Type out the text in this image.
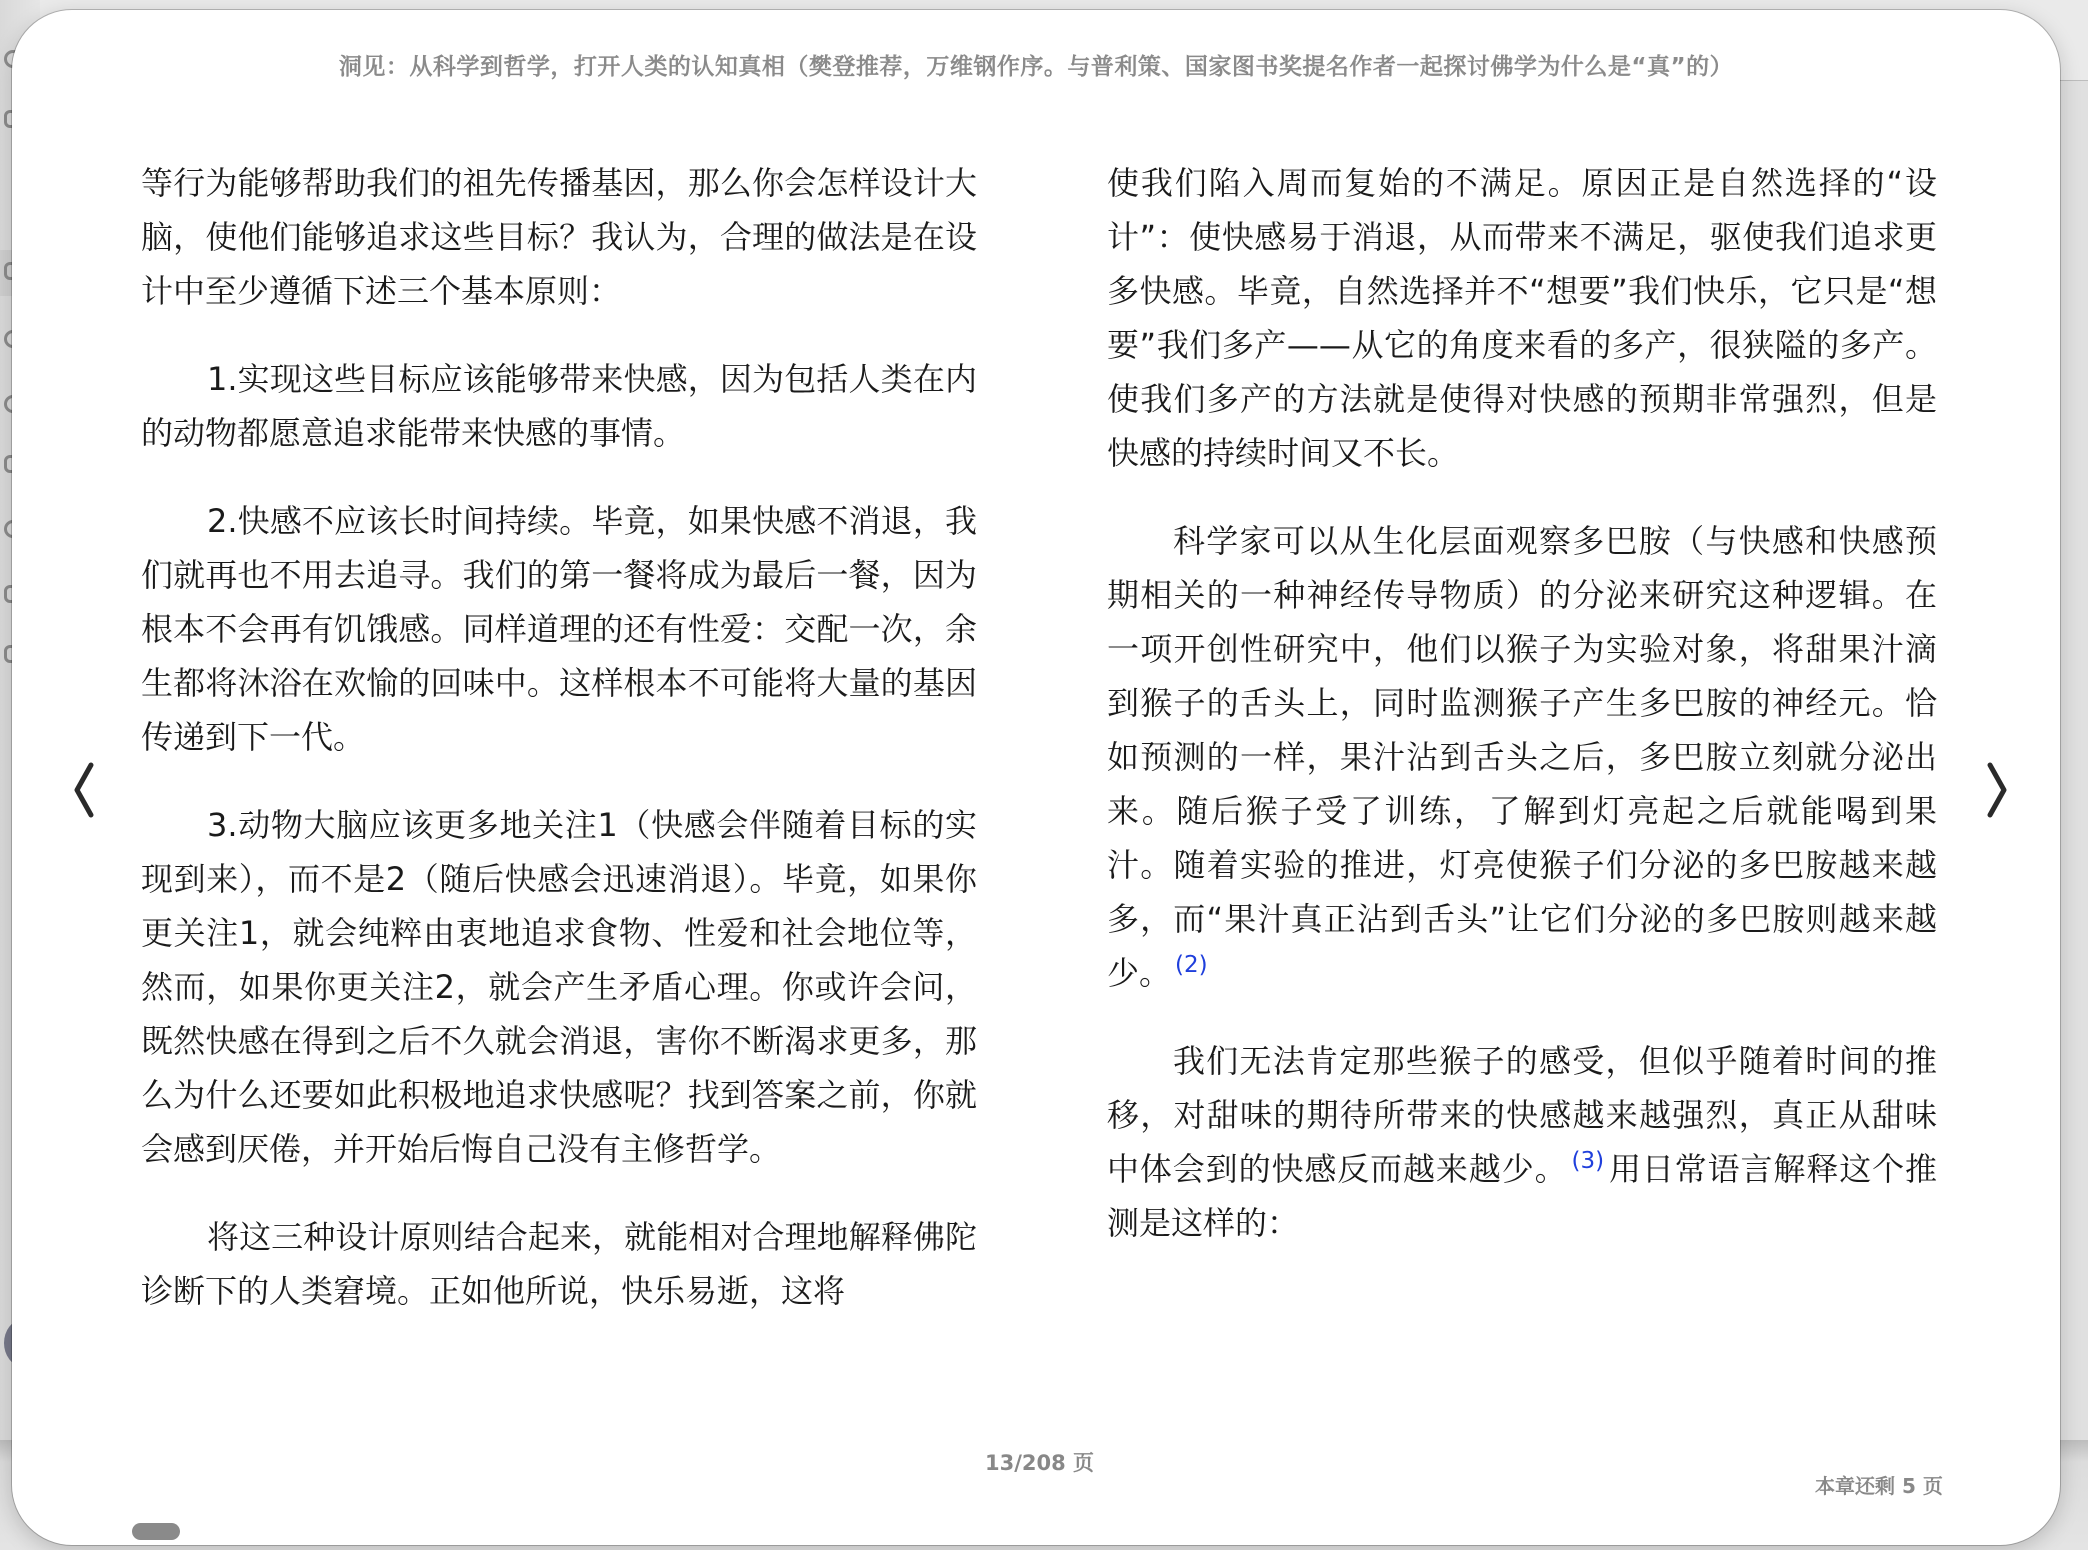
洞见：从科学到哲学，打开人类的认知真相（樊登推荐，万维钢作序。与普利策、国家图书奖提名作者一起探讨佛学为什么是“真”的）

等行为能够帮助我们的祖先传播基因，那么你会怎样设计大脑，使他们能够追求这些目标？我认为，合理的做法是在设计中至少遵循下述三个基本原则：

1.实现这些目标应该能够带来快感，因为包括人类在内的动物都愿意追求能带来快感的事情。

2.快感不应该长时间持续。毕竟，如果快感不消退，我们就再也不用去追寻。我们的第一餐将成为最后一餐，因为根本不会再有饥饿感。同样道理的还有性爱：交配一次，余生都将沐浴在欢愉的回味中。这样根本不可能将大量的基因传递到下一代。

3.动物大脑应该更多地关注1（快感会伴随着目标的实现到来），而不是2（随后快感会迅速消退）。毕竟，如果你更关注1，就会纯粹由衷地追求食物、性爱和社会地位等，然而，如果你更关注2，就会产生矛盾心理。你或许会问，既然快感在得到之后不久就会消退，害你不断渴求更多，那么为什么还要如此积极地追求快感呢？找到答案之前，你就会感到厌倦，并开始后悔自己没有主修哲学。

将这三种设计原则结合起来，就能相对合理地解释佛陀诊断下的人类窘境。正如他所说，快乐易逝，这将

使我们陷入周而复始的不满足。原因正是自然选择的“设计”：使快感易于消退，从而带来不满足，驱使我们追求更多快感。毕竟，自然选择并不“想要”我们快乐，它只是“想要”我们多产——从它的角度来看的多产，很狭隘的多产。使我们多产的方法就是使得对快感的预期非常强烈，但是快感的持续时间又不长。

科学家可以从生化层面观察多巴胺（与快感和快感预期相关的一种神经传导物质）的分泌来研究这种逻辑。在一项开创性研究中，他们以猴子为实验对象，将甜果汁滴到猴子的舌头上，同时监测猴子产生多巴胺的神经元。恰如预测的一样，果汁沾到舌头之后，多巴胺立刻就分泌出来。随后猴子受了训练，了解到灯亮起之后就能喝到果汁。随着实验的推进，灯亮使猴子们分泌的多巴胺越来越多，而“果汁真正沾到舌头”让它们分泌的多巴胺则越来越少。 $^{(2)}$

我们无法肯定那些猴子的感受，但似乎随着时间的推移，对甜味的期待所带来的快感越来越强烈，真正从甜味中体会到的快感反而越来越少。 $^{(3)}$ 用日常语言解释这个推测是这样的：

13/208 页
本章还剩 5 页
